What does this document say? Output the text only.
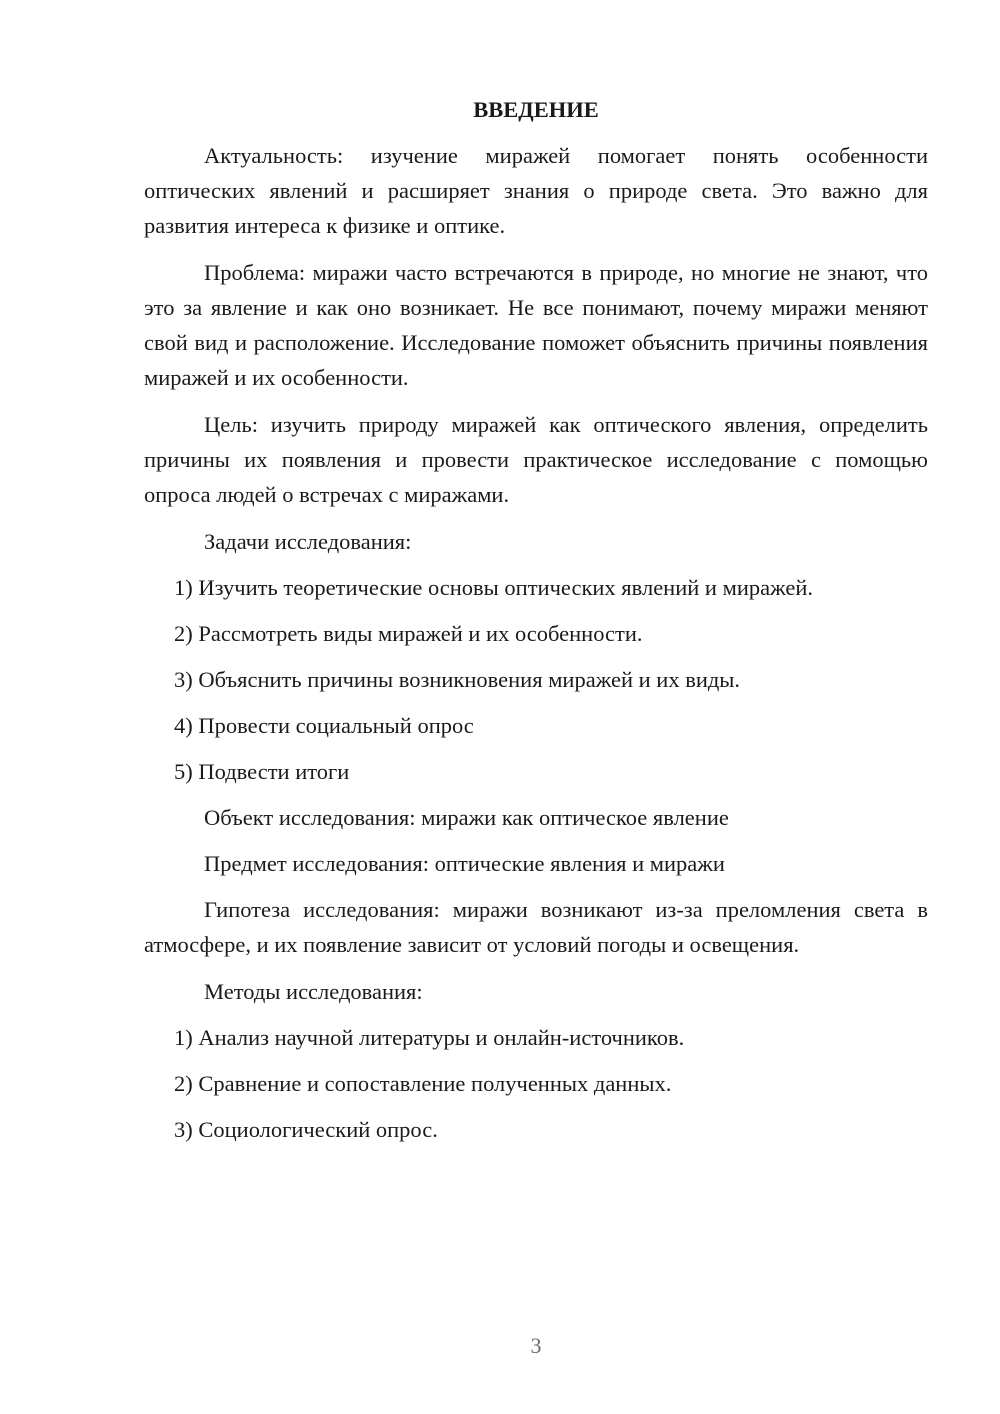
ВВЕДЕНИЕ
Актуальность: изучение миражей помогает понять особенности оптических явлений и расширяет знания о природе света. Это важно для развития интереса к физике и оптике.
Проблема: миражи часто встречаются в природе, но многие не знают, что это за явление и как оно возникает. Не все понимают, почему миражи меняют свой вид и расположение. Исследование поможет объяснить причины появления миражей и их особенности.
Цель: изучить природу миражей как оптического явления, определить причины их появления и провести практическое исследование с помощью опроса людей о встречах с миражами.
Задачи исследования:
1) Изучить теоретические основы оптических явлений и миражей.
2) Рассмотреть виды миражей и их особенности.
3) Объяснить причины возникновения миражей и их виды.
4) Провести социальный опрос
5) Подвести итоги
Объект исследования: миражи как оптическое явление
Предмет исследования: оптические явления и миражи
Гипотеза исследования: миражи возникают из-за преломления света в атмосфере, и их появление зависит от условий погоды и освещения.
Методы исследования:
1) Анализ научной литературы и онлайн-источников.
2) Сравнение и сопоставление полученных данных.
3) Социологический опрос.
3
